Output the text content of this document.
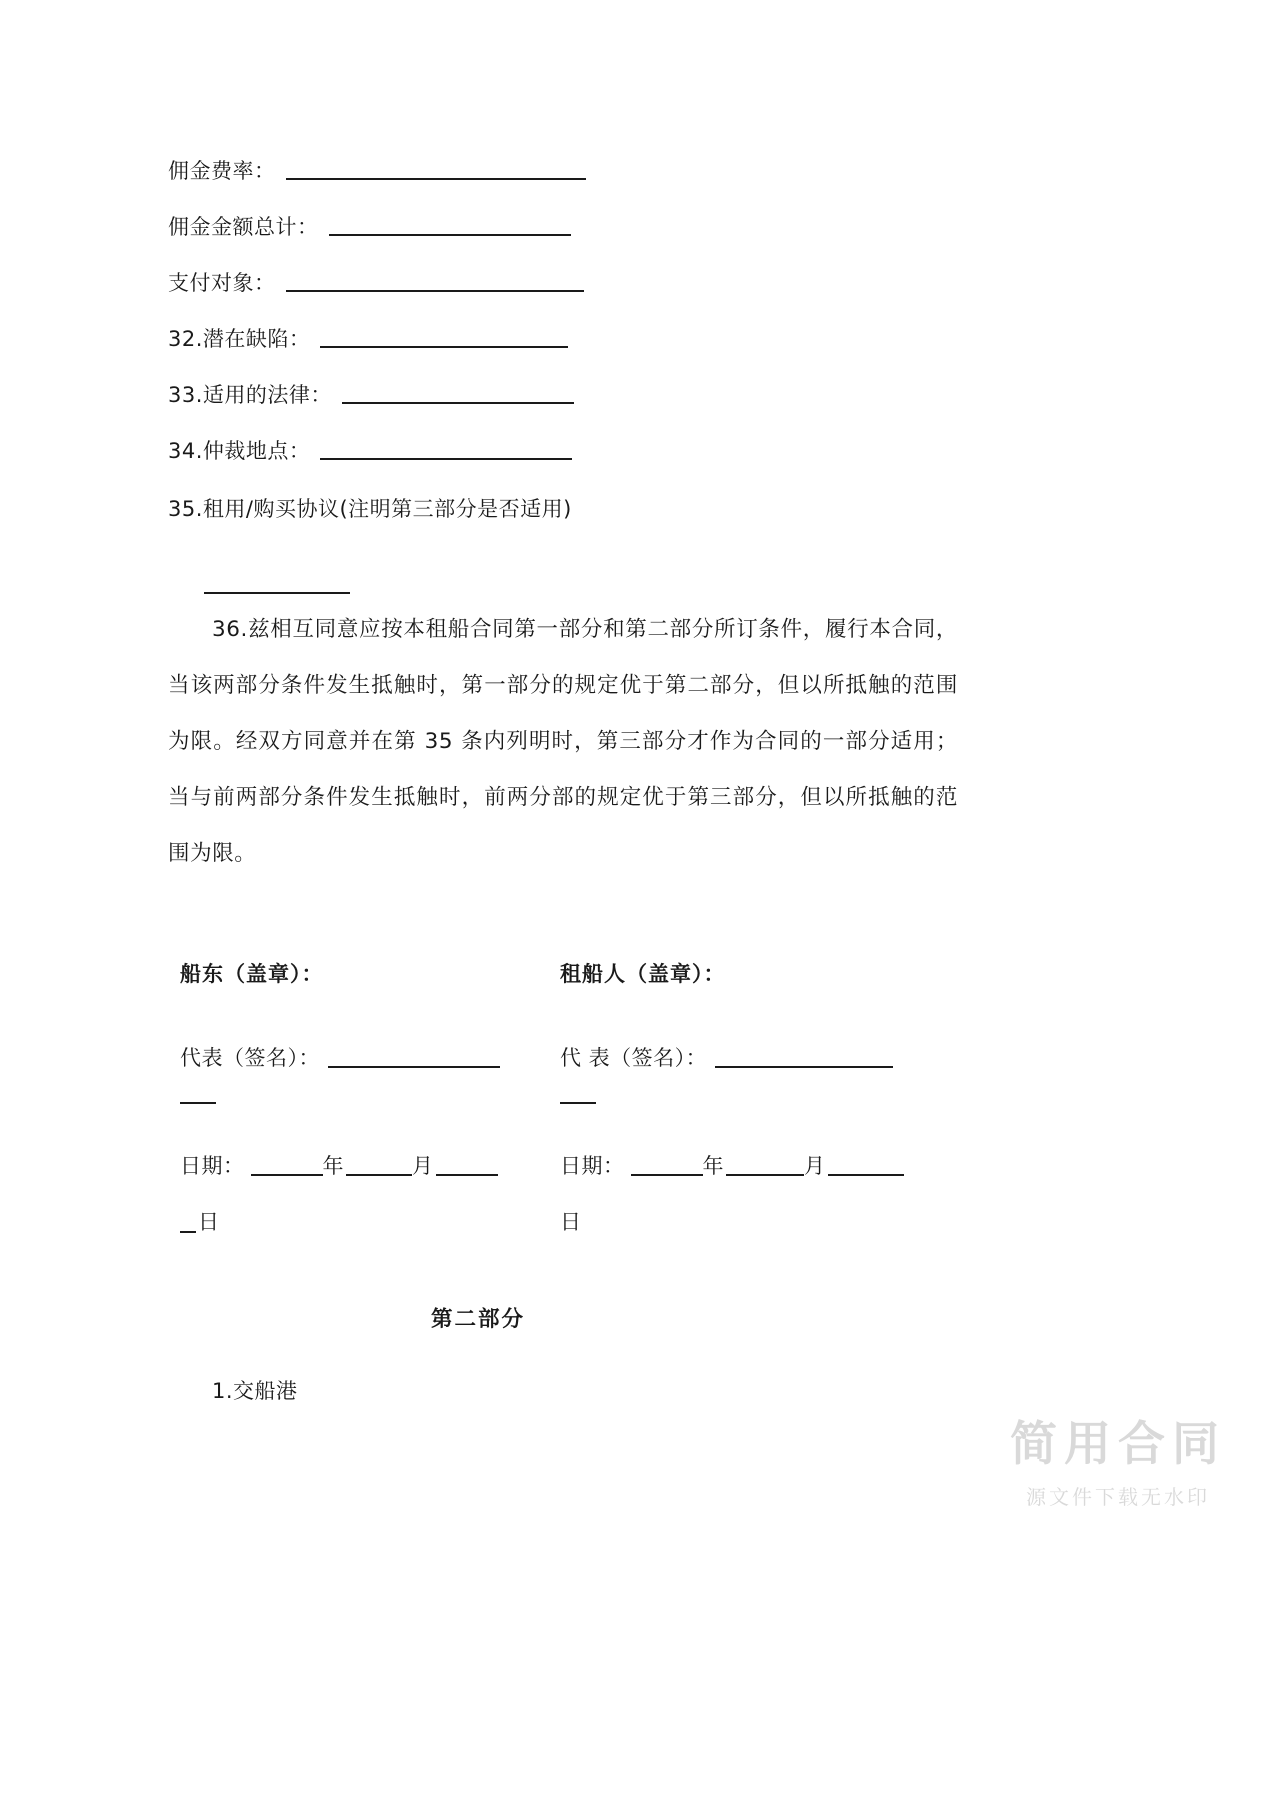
佣金费率：
佣金金额总计：
支付对象：
32.潜在缺陷：
33.适用的法律：
34.仲裁地点：
35.租用/购买协议(注明第三部分是否适用)
36.兹相互同意应按本租船合同第一部分和第二部分所订条件，履行本合同，当该两部分条件发生抵触时，第一部分的规定优于第二部分，但以所抵触的范围为限。经双方同意并在第 35 条内列明时，第三部分才作为合同的一部分适用；当与前两部分条件发生抵触时，前两分部的规定优于第三部分，但以所抵触的范围为限。
船东（盖章）：	租船人（盖章）：
代表（签名）：	代 表（签名）：
日期：	年	月	日期：	年	月
日	日
第二部分
1.交船港
简用合同
源文件下载无水印
